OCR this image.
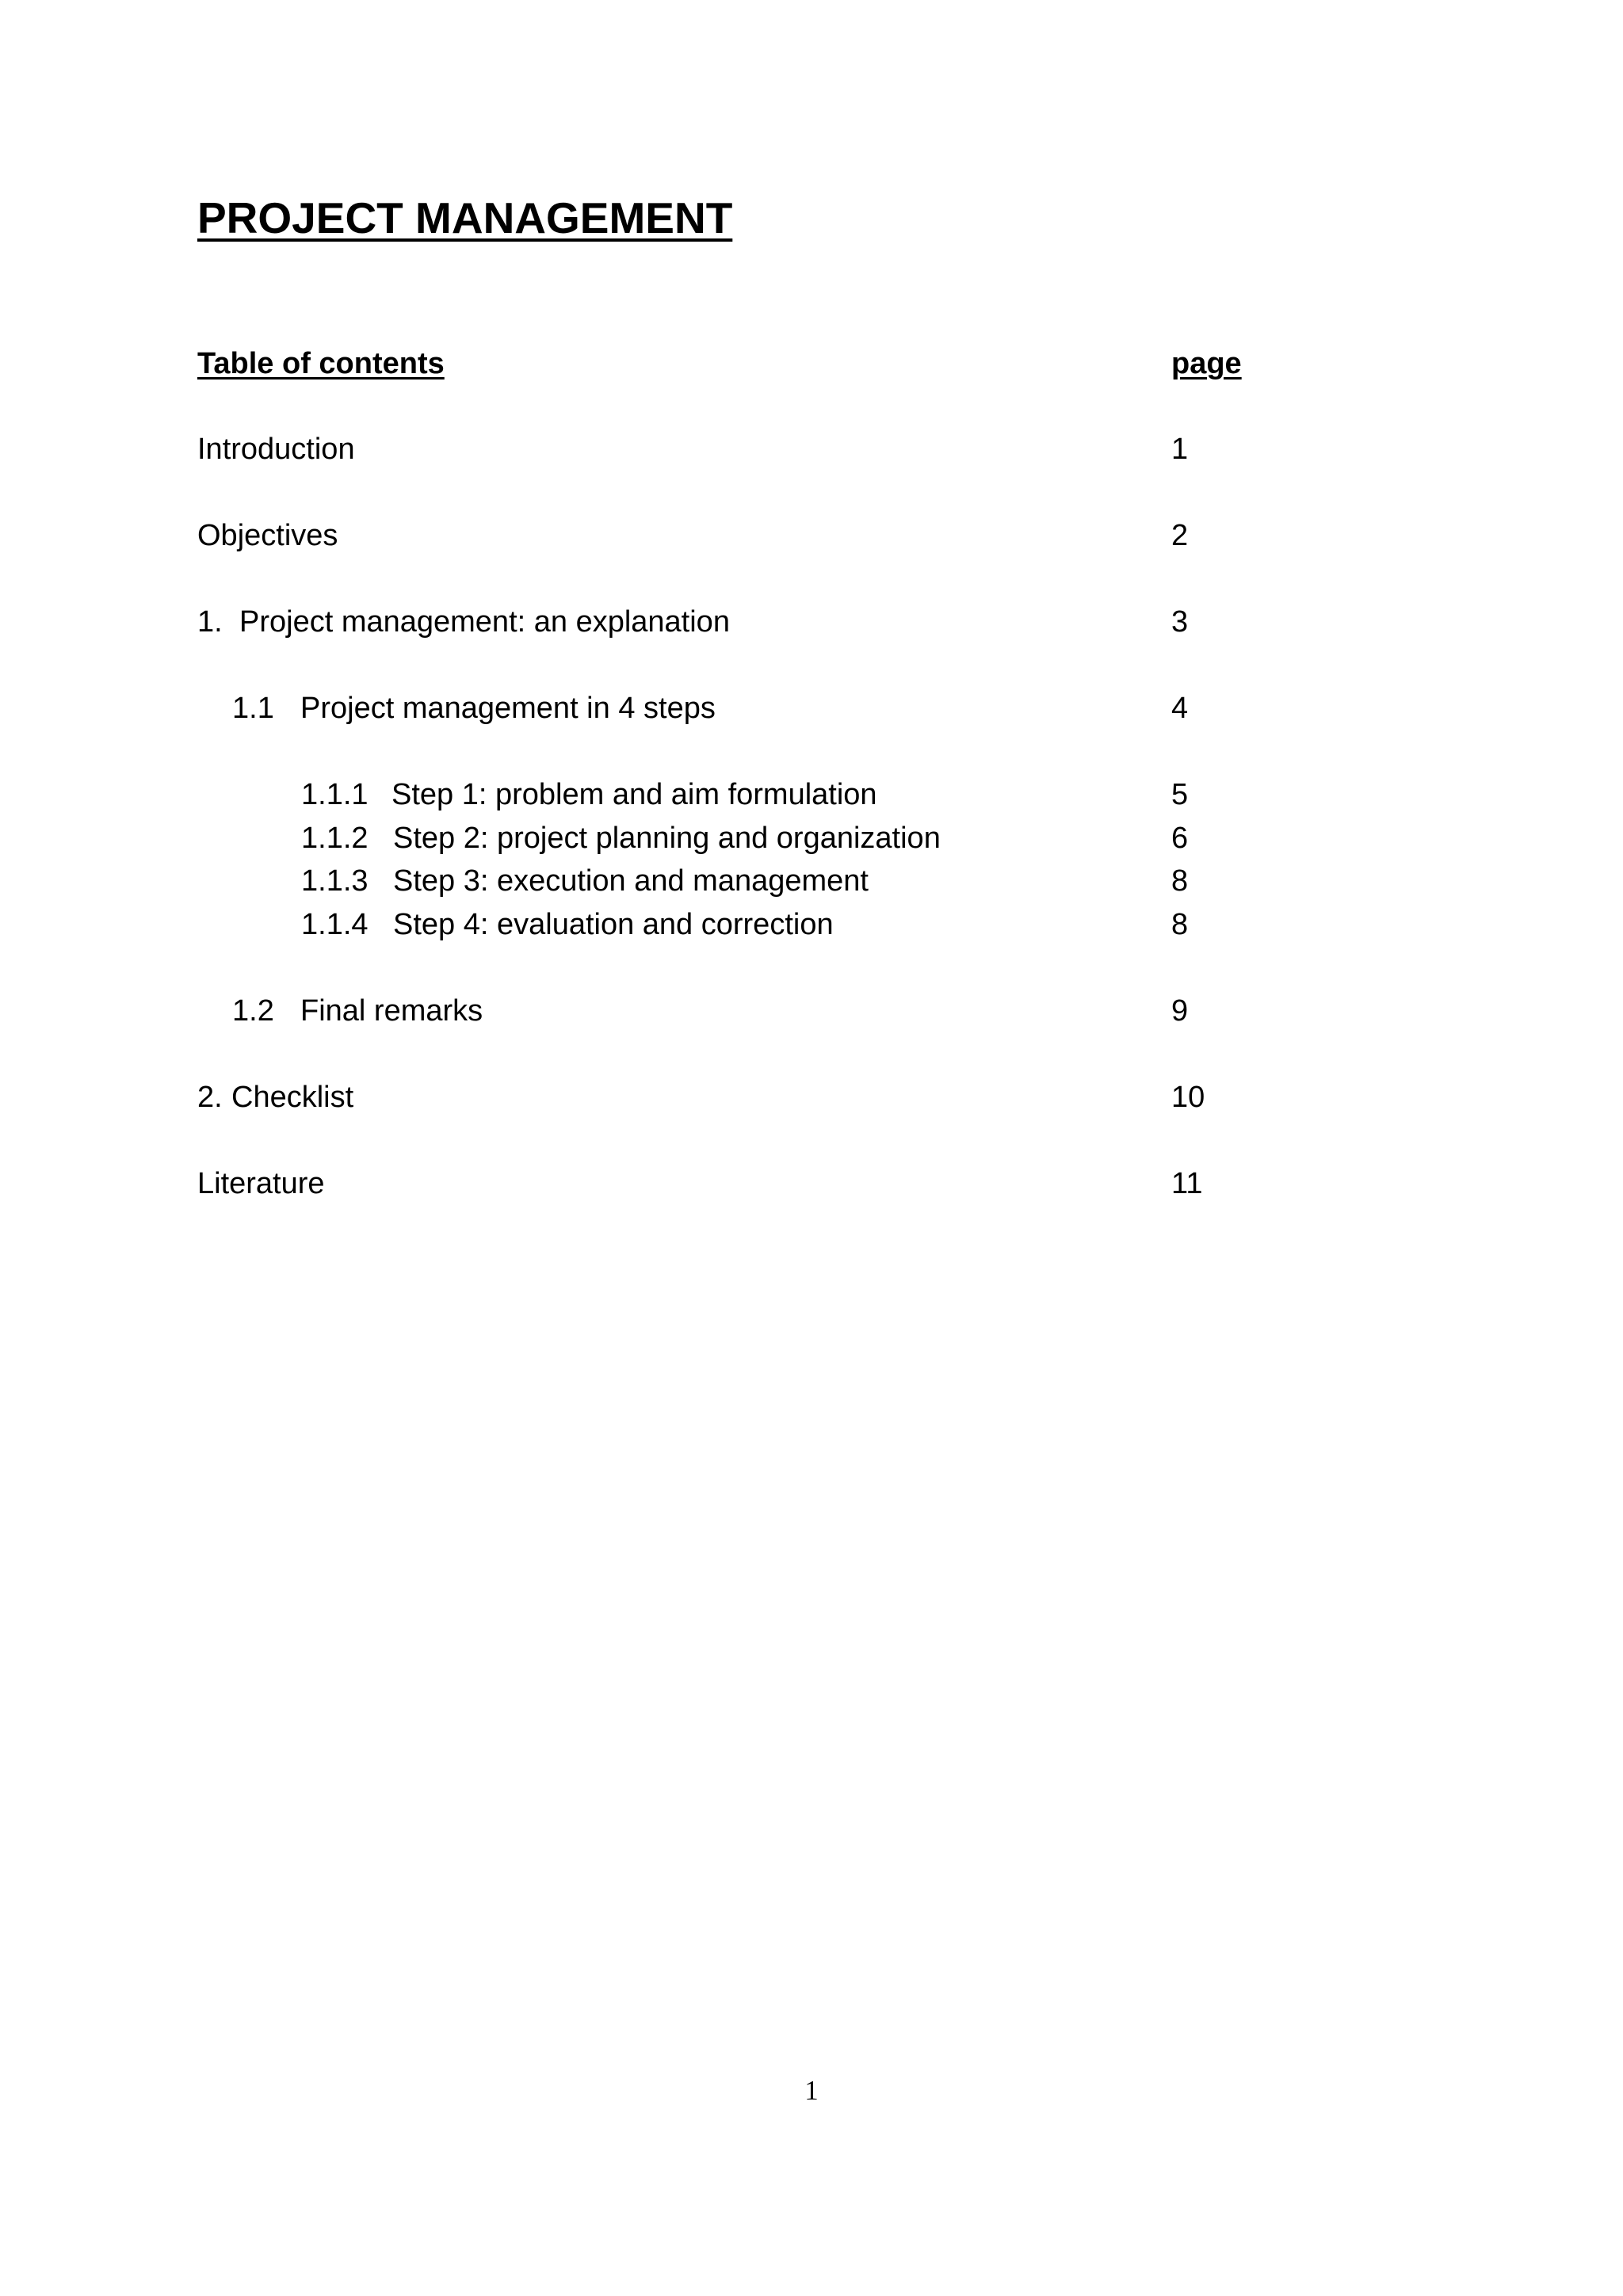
PROJECT MANAGEMENT
Table of contents	page
Introduction	1
Objectives	2
1. Project management: an explanation	3
1.1 Project management in 4 steps	4
1.1.1 Step 1: problem and aim formulation	5
1.1.2 Step 2: project planning and organization	6
1.1.3 Step 3: execution and management	8
1.1.4 Step 4: evaluation and correction	8
1.2 Final remarks	9
2. Checklist	10
Literature	11
1
